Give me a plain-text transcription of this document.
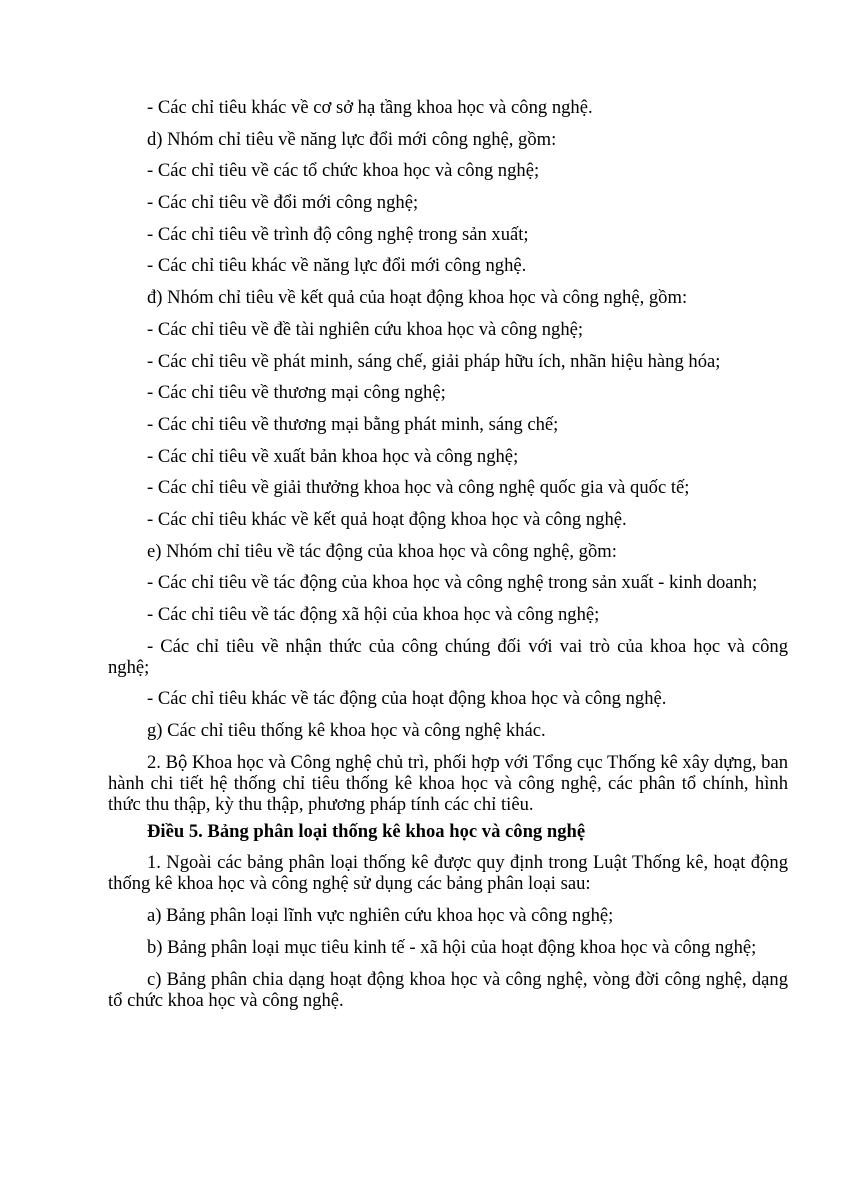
- Các chỉ tiêu khác về cơ sở hạ tầng khoa học và công nghệ.

d) Nhóm chỉ tiêu về năng lực đổi mới công nghệ, gồm:

- Các chỉ tiêu về các tổ chức khoa học và công nghệ;

- Các chỉ tiêu về đổi mới công nghệ;

- Các chỉ tiêu về trình độ công nghệ trong sản xuất;

- Các chỉ tiêu khác về năng lực đổi mới công nghệ.

đ) Nhóm chỉ tiêu về kết quả của hoạt động khoa học và công nghệ, gồm:

- Các chỉ tiêu về đề tài nghiên cứu khoa học và công nghệ;

- Các chỉ tiêu về phát minh, sáng chế, giải pháp hữu ích, nhãn hiệu hàng hóa;

- Các chỉ tiêu về thương mại công nghệ;

- Các chỉ tiêu về thương mại bằng phát minh, sáng chế;

- Các chỉ tiêu về xuất bản khoa học và công nghệ;

- Các chỉ tiêu về giải thưởng khoa học và công nghệ quốc gia và quốc tế;

- Các chỉ tiêu khác về kết quả hoạt động khoa học và công nghệ.

e) Nhóm chỉ tiêu về tác động của khoa học và công nghệ, gồm:

- Các chỉ tiêu về tác động của khoa học và công nghệ trong sản xuất - kinh doanh;

- Các chỉ tiêu về tác động xã hội của khoa học và công nghệ;

- Các chỉ tiêu về nhận thức của công chúng đối với vai trò của khoa học và công nghệ;

- Các chỉ tiêu khác về tác động của hoạt động khoa học và công nghệ.

g) Các chỉ tiêu thống kê khoa học và công nghệ khác.

2. Bộ Khoa học và Công nghệ chủ trì, phối hợp với Tổng cục Thống kê xây dựng, ban hành chi tiết hệ thống chỉ tiêu thống kê khoa học và công nghệ, các phân tổ chính, hình thức thu thập, kỳ thu thập, phương pháp tính các chỉ tiêu.

Điều 5. Bảng phân loại thống kê khoa học và công nghệ

1. Ngoài các bảng phân loại thống kê được quy định trong Luật Thống kê, hoạt động thống kê khoa học và công nghệ sử dụng các bảng phân loại sau:

a) Bảng phân loại lĩnh vực nghiên cứu khoa học và công nghệ;

b) Bảng phân loại mục tiêu kinh tế - xã hội của hoạt động khoa học và công nghệ;

c) Bảng phân chia dạng hoạt động khoa học và công nghệ, vòng đời công nghệ, dạng tổ chức khoa học và công nghệ.
